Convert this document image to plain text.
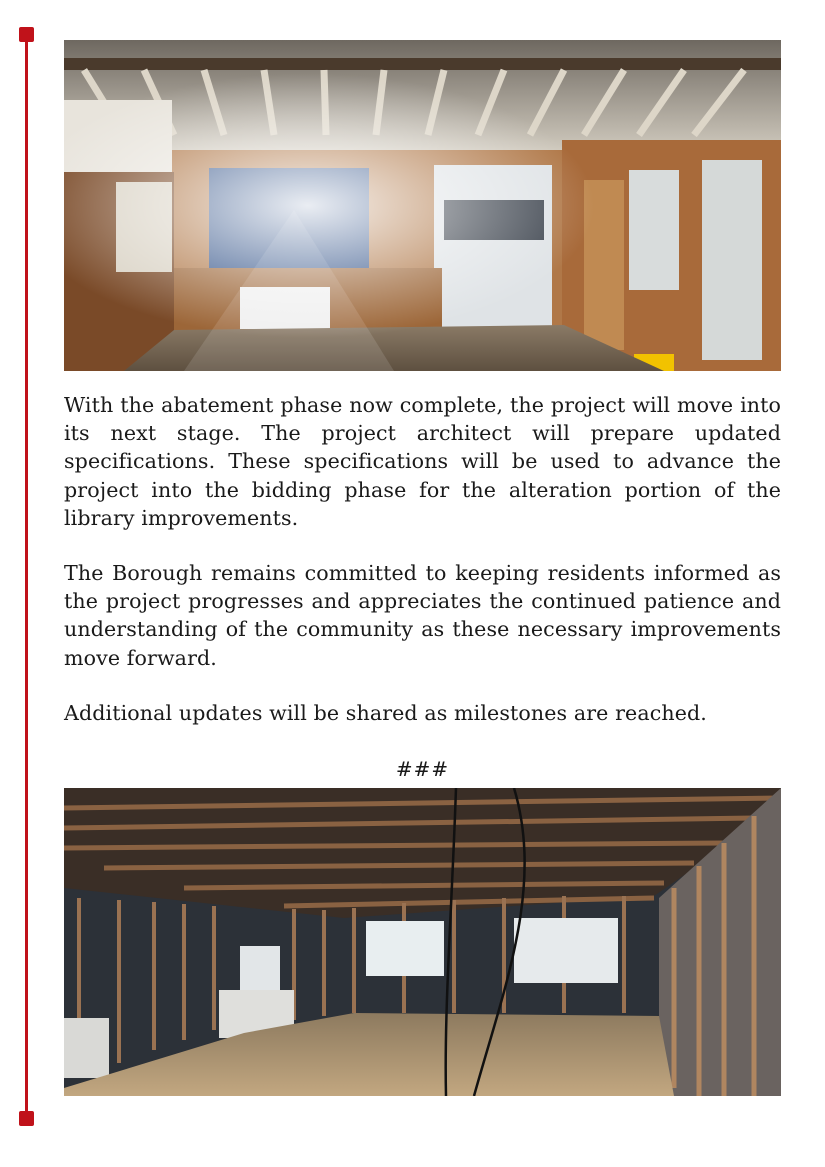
With the abatement phase now complete, the project will move into its next stage. The project architect will prepare updated specifications. These specifications will be used to advance the project into the bidding phase for the alteration portion of the library improvements.

The Borough remains committed to keeping residents informed as the project progresses and appreciates the continued patience and understanding of the community as these necessary improvements move forward.

Additional updates will be shared as milestones are reached.

###
